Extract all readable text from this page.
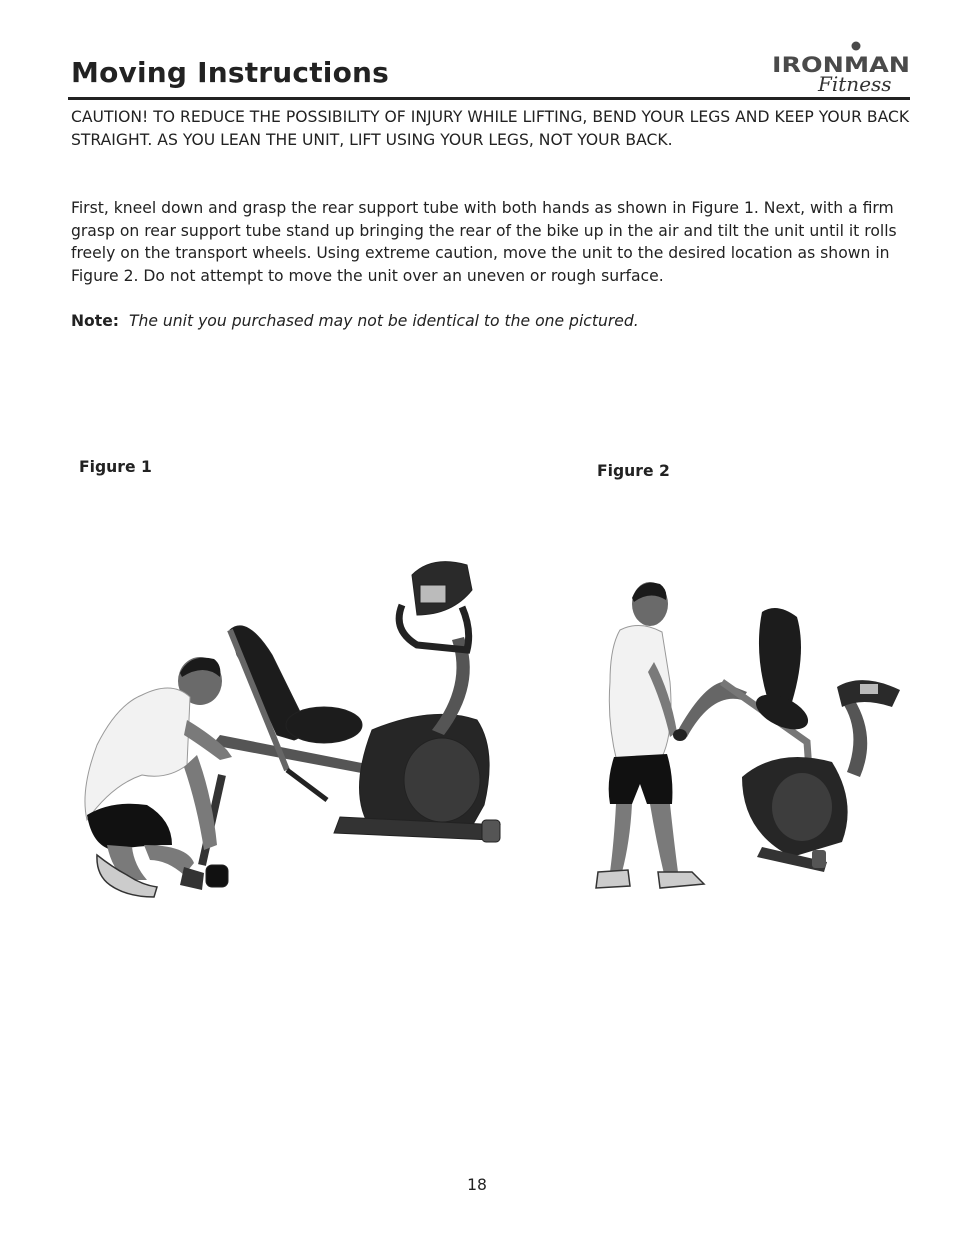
Moving Instructions	IRONMAN
Fitness
CAUTION! TO REDUCE THE POSSIBILITY OF INJURY WHILE LIFTING, BEND YOUR LEGS AND KEEP YOUR BACK STRAIGHT. AS YOU LEAN THE UNIT, LIFT USING YOUR LEGS, NOT YOUR BACK.
First, kneel down and grasp the rear support tube with both hands as shown in Figure 1. Next, with a firm grasp on rear support tube stand up bringing the rear of the bike up in the air and tilt the unit until it rolls freely on the transport wheels. Using extreme caution, move the unit to the desired location as shown in Figure 2. Do not attempt to move the unit over an uneven or rough surface.
Note: The unit you purchased may not be identical to the one pictured.
Figure 1	Figure 2
18
